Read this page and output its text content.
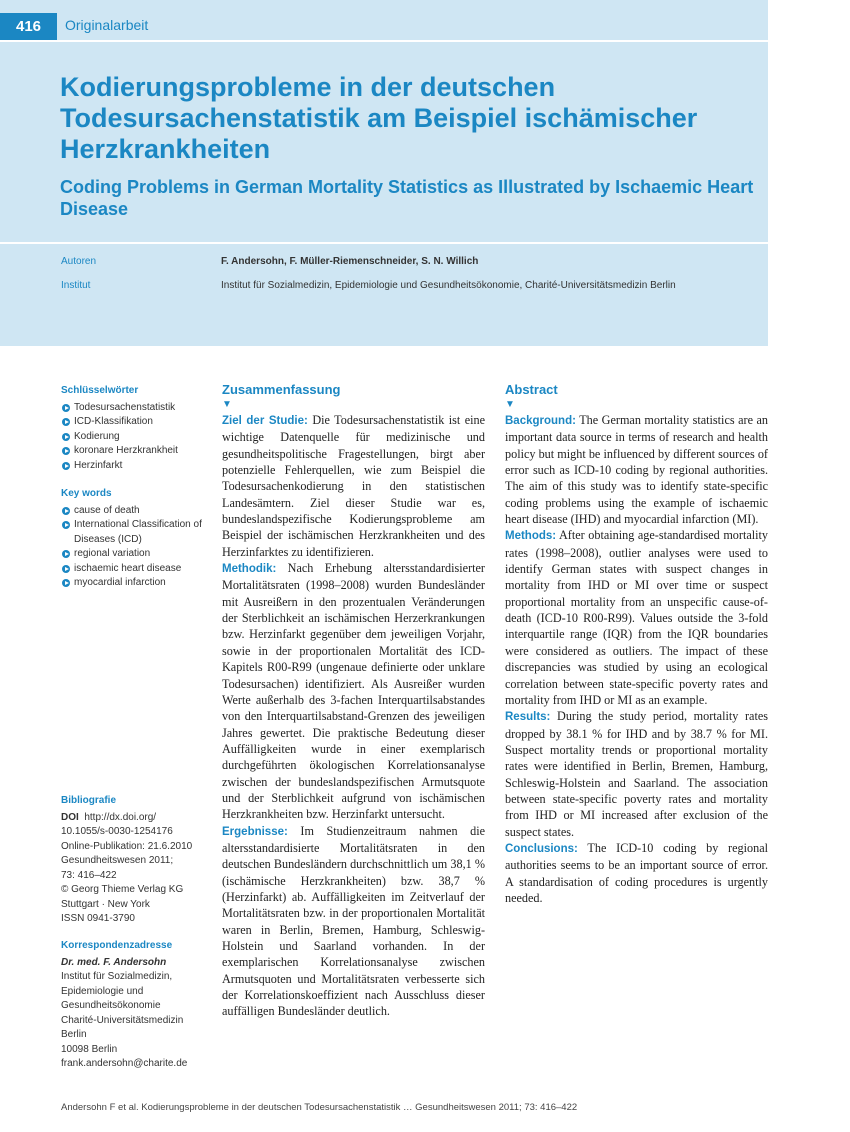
416	Originalarbeit
Kodierungsprobleme in der deutschen Todesursachenstatistik am Beispiel ischämischer Herzkrankheiten
Coding Problems in German Mortality Statistics as Illustrated by Ischaemic Heart Disease
Autoren	F. Andersohn, F. Müller-Riemenschneider, S. N. Willich
Institut	Institut für Sozialmedizin, Epidemiologie und Gesundheitsökonomie, Charité-Universitätsmedizin Berlin
Schlüsselwörter
Todesursachenstatistik
ICD-Klassifikation
Kodierung
koronare Herzkrankheit
Herzinfarkt
Key words
cause of death
International Classification of Diseases (ICD)
regional variation
ischaemic heart disease
myocardial infarction
Bibliografie
DOI http://dx.doi.org/
10.1055/s-0030-1254176
Online-Publikation: 21.6.2010
Gesundheitswesen 2011;
73: 416–422
© Georg Thieme Verlag KG
Stuttgart · New York
ISSN 0941-3790
Korrespondenzadresse
Dr. med. F. Andersohn
Institut für Sozialmedizin,
Epidemiologie und
Gesundheitsökonomie
Charité-Universitätsmedizin
Berlin
10098 Berlin
frank.andersohn@charite.de
Zusammenfassung
▼

Ziel der Studie: Die Todesursachenstatistik ist eine wichtige Datenquelle für medizinische und gesundheitspolitische Fragestellungen, birgt aber potenzielle Fehlerquellen, wie zum Beispiel die Todesursachenkodierung in den statistischen Landesämtern. Ziel dieser Studie war es, bundeslandspezifische Kodierungsprobleme am Beispiel der ischämischen Herzkrankheiten und des Herzinfarktes zu identifizieren.

Methodik: Nach Erhebung altersstandardisierter Mortalitätsraten (1998–2008) wurden Bundesländer mit Ausreißern in den prozentualen Veränderungen der Sterblichkeit an ischämischen Herzerkrankungen bzw. Herzinfarkt gegenüber dem jeweiligen Vorjahr, sowie in der proportionalen Mortalität des ICD-Kapitels R00-R99 (ungenaue definierte oder unklare Todesursachen) identifiziert. Als Ausreißer wurden Werte außerhalb des 3-fachen Interquartilsabstandes von den Interquartilsabstand-Grenzen des jeweiligen Jahres gewertet. Die praktische Bedeutung dieser Auffälligkeiten wurde in einer exemplarisch durchgeführten ökologischen Korrelationsanalyse zwischen der bundeslandspezifischen Armutsquote und der Sterblichkeit aufgrund von ischämischen Herzkrankheiten bzw. Herzinfarkt untersucht.

Ergebnisse: Im Studienzeitraum nahmen die altersstandardisierte Mortalitätsraten in den deutschen Bundesländern durchschnittlich um 38,1 % (ischämische Herzkrankheiten) bzw. 38,7 % (Herzinfarkt) ab. Auffälligkeiten im Zeitverlauf der Mortalitätsraten bzw. in der proportionalen Mortalität waren in Berlin, Bremen, Hamburg, Schleswig-Holstein und Saarland vorhanden. In der exemplarischen Korrelationsanalyse zwischen Armutsquoten und Mortalitätsraten verbesserte sich der Korrelationskoeffizient nach Ausschluss dieser auffälligen Bundesländer deutlich.

Abstract
▼

Background: The German mortality statistics are an important data source in terms of research and health policy but might be influenced by different sources of error such as ICD-10 coding by regional authorities. The aim of this study was to identify state-specific coding problems using the example of ischaemic heart disease (IHD) and myocardial infarction (MI).

Methods: After obtaining age-standardised mortality rates (1998–2008), outlier analyses were used to identify German states with suspect changes in mortality from IHD or MI over time or suspect proportional mortality from an unspecific cause-of-death (ICD-10 R00-R99). Values outside the 3-fold interquartile range (IQR) from the IQR boundaries were considered as outliers. The impact of these discrepancies was studied by using an ecological correlation between state-specific poverty rates and mortality from IHD or MI as an example.

Results: During the study period, mortality rates dropped by 38.1 % for IHD and by 38.7 % for MI. Suspect mortality trends or proportional mortality rates were identified in Berlin, Bremen, Hamburg, Schleswig-Holstein and Saarland. The association between state-specific poverty rates and mortality from IHD or MI increased after exclusion of the suspect states.

Conclusions: The ICD-10 coding by regional authorities seems to be an important source of error. A standardisation of coding procedures is urgently needed.

Andersohn F et al. Kodierungsprobleme in der deutschen Todesursachenstatistik … Gesundheitswesen 2011; 73: 416–422
